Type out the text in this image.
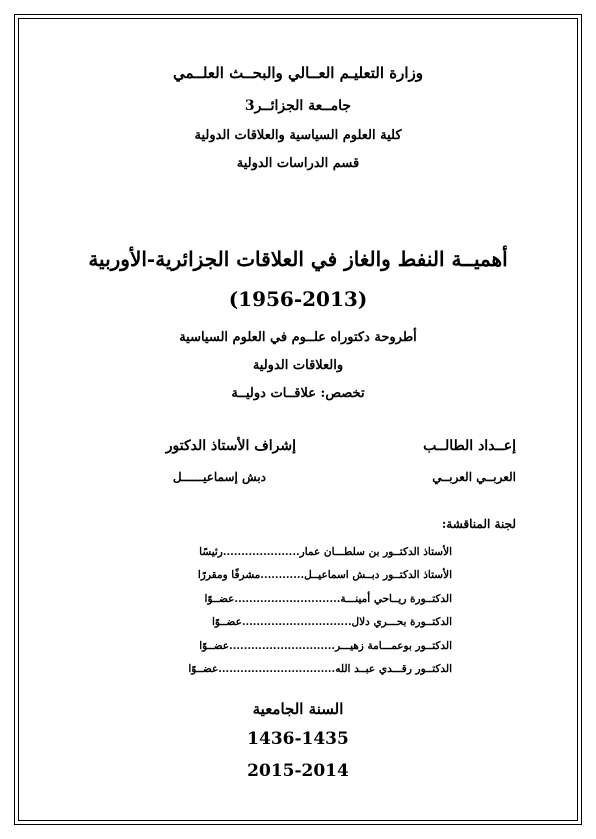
وزارة التعليـم العــالي والبحــث العلــمي
جامــعة الجزائــر3
كلية العلوم السياسية والعلاقات الدولية
قسم الدراسات الدولية
أهميــة النفط والغاز في العلاقات الجزائرية-الأوربية
(1956-2013)
أطروحة دكتوراه علــوم في العلوم السياسية
والعلاقات الدولية
تخصص: علاقــات دوليــة
إعــداد الطالــب
العربــي العربــي
إشراف الأستاذ الدكتور
دبش إسماعيــــــل
لجنة المناقشة:
الأستاذ الدكتــور بن سلطـــان عمار.....................رئيسًا
الأستاذ الدكتــور دبــش اسماعيــل............مشرفًا ومقررًا
الدكتــورة ريــاحي أمينـــة.............................عضــوًا
الدكتــورة بحـــري دلال..............................عضــوًا
الدكتــور بوعمـــامة زهيـــر.............................عضــوًا
الدكتــور رقـــدي عبــد الله................................عضــوًا
السنة الجامعية
1436-1435
2015-2014
